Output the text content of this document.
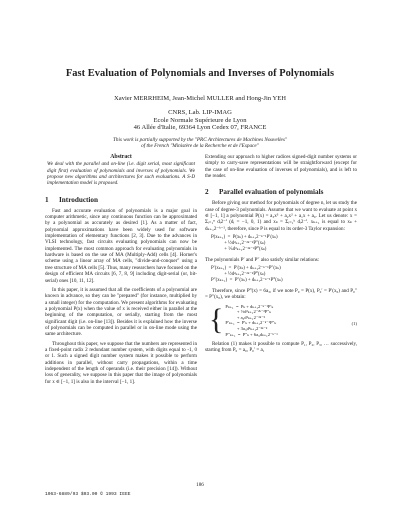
Fast Evaluation of Polynomials and Inverses of Polynomials
Xavier MERRHEIM, Jean-Michel MULLER and Hong-Jin YEH
CNRS, Lab. LIP-IMAG
Ecole Normale Supérieure de Lyon
46 Allée d'Italie, 69364 Lyon Cedex 07, FRANCE
This work is partially supported by the "PRC Architectures de Machines Nouvelles"
of the French "Ministère de la Recherche et de l'Espace"
Abstract
We deal with the parallel and on-line (i.e. digit serial, most significant digit first) evaluation of polynomials and inverses of polynomials. We propose new algorithms and architectures for such evaluations. A S-D implementation model is proposed.
1 Introduction

Fast and accurate evaluation of polynomials is a major goal in computer arithmetic, since any continuous function can be approximated by a polynomial as accurately as desired [1]. As a matter of fact, polynomial approximations have been widely used for software implementation of elementary functions [2, 3]. Due to the advances in VLSI technology, fast circuits evaluating polynomials can now be implemented. The most common approach for evaluating polynomials in hardware is based on the use of MA (Multiply-Add) cells [4]. Horner's scheme using a linear array of MA cells, "divide-and-conquer" using a tree structure of MA cells [5]. Thus, many researchers have focused on the design of efficient MA circuits [6, 7, 8, 9] including digit-serial (or, bit-serial) ones [10, 11, 12].

In this paper, it is assumed that all the coefficients of a polynomial are known in advance, so they can be "prepared" (for instance, multiplied by a small integer) for the computation. We present algorithms for evaluating a polynomial P(x) when the value of x is received either in parallel at the beginning of the computation, or serially, starting from the most significant digit (i.e. on-line [13]). Besides it is explained how the inverse of polynomials can be computed in parallel or in on-line mode using the same architecture.

Throughout this paper, we suppose that the numbers are represented in a fixed-point radix 2 redundant number system, with digits equal to -1, 0 or 1. Such a signed digit number system makes it possible to perform additions in parallel, without carry propagations, within a time independent of the length of operands (i.e. their precision [14]). Without loss of generality, we suppose in this paper that the image of polynomials for x ∈ [−1, 1] is also in the interval [−1, 1].

Extending our approach to higher radices signed-digit number systems or simply to carry-save representations will be straightforward (except for the case of on-line evaluation of inverses of polynomials), and is left to the reader.

2 Parallel evaluation of polynomials

Before giving our method for polynomials of degree n, let us study the case of degree-3 polynomials. Assume that we want to evaluate at point x ∈ [−1, 1] a polynomial P(x) = a₃x³ + a₂x² + a₁x + a₀. Let us denote: x = Σᵢ₌₁ⁿ dᵢ2⁻ⁱ (dᵢ = −1, 0, 1) and xₖ = Σᵢ₌₁ᵏ dᵢ2⁻ⁱ. xₖ₊₁ is equal to xₖ + dₖ₊₁2⁻ᵏ⁻¹, therefore, since P is equal to its order-3 Taylor expansion:

P(xₖ₊₁)  =  P(xₖ) + dₖ₊₁2⁻ᵏ⁻¹P′(xₖ)
+ ½d²ₖ₊₁2⁻²ᵏ⁻²P″(xₖ)
+ ⅙d³ₖ₊₁2⁻³ᵏ⁻³P‴(xₖ)

The polynomials P′ and P″ also satisfy similar relations:

P′(xₖ₊₁)  =  P′(xₖ) + dₖ₊₁2⁻ᵏ⁻¹P″(xₖ)
+ ½d²ₖ₊₁2⁻²ᵏ⁻²P‴(xₖ)
P″(xₖ₊₁)  =  P″(xₖ) + dₖ₊₁2⁻ᵏ⁻¹P‴(xₖ)

Therefore, since P‴(x) = 6a₃, if we note P₀ = P(x), P₀′ = P′(x₀) and P₀″ = P″(x₀), we obtain:

{ Pₖ₊₁  =  Pₖ + dₖ₊₁2⁻ᵏ⁻¹P′ₖ
+ ½d²ₖ₊₁2⁻²ᵏ⁻²P″ₖ
+ a₃d³ₖ₊₁2⁻³ᵏ⁻³
P′ₖ₊₁  =  P′ₖ + dₖ₊₁2⁻ᵏ⁻¹P″ₖ
+ 3a₃d²ₖ₊₁2⁻²ᵏ⁻²
P″ₖ₊₁  =  P″ₖ + 6a₃dₖ₊₁2⁻ᵏ⁻¹
(1)

Relation (1) makes it possible to compute P₁, P₂, P₃, … successively, starting from P₀ = a₀, P₀′ = a₁

186
1063-6889/93 $03.00 © 1993 IEEE
